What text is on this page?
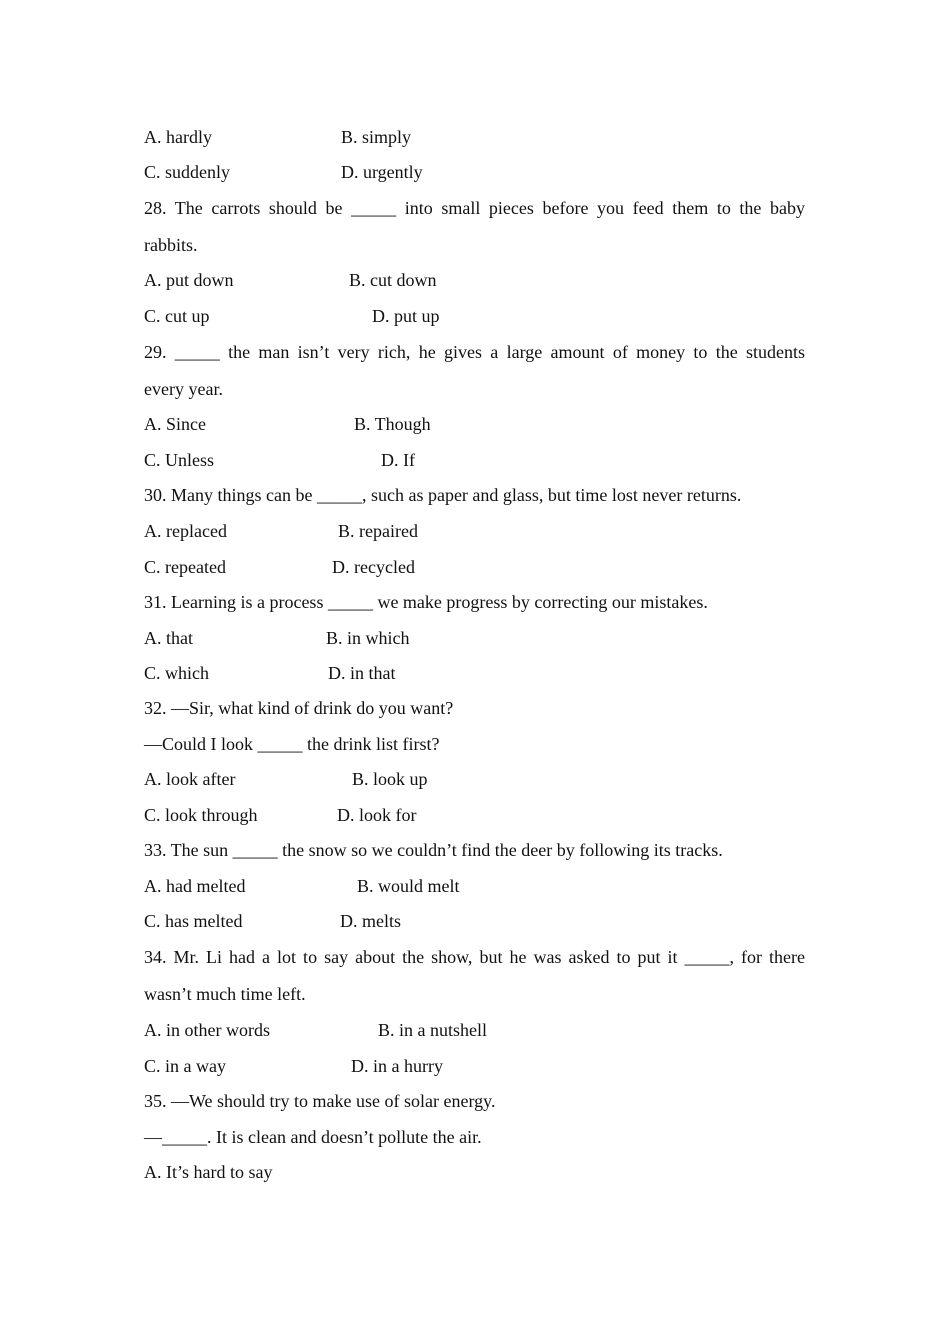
A. hardly	B. simply
C. suddenly	D. urgently
28. The carrots should be _____ into small pieces before you feed them to the baby
rabbits.
A. put down	B. cut down
C. cut up	D. put up
29. _____ the man isn’t very rich, he gives a large amount of money to the students
every year.
A. Since	B. Though
C. Unless	D. If
30. Many things can be _____, such as paper and glass, but time lost never returns.
A. replaced	B. repaired
C. repeated	D. recycled
31. Learning is a process _____ we make progress by correcting our mistakes.
A. that	B. in which
C. which	D. in that
32. —Sir, what kind of drink do you want?
—Could I look _____ the drink list first?
A. look after	B. look up
C. look through	D. look for
33. The sun _____ the snow so we couldn’t find the deer by following its tracks.
A. had melted	B. would melt
C. has melted	D. melts
34. Mr. Li had a lot to say about the show, but he was asked to put it _____, for there
wasn’t much time left.
A. in other words	B. in a nutshell
C. in a way	D. in a hurry
35. —We should try to make use of solar energy.
—_____. It is clean and doesn’t pollute the air.
A. It’s hard to say
